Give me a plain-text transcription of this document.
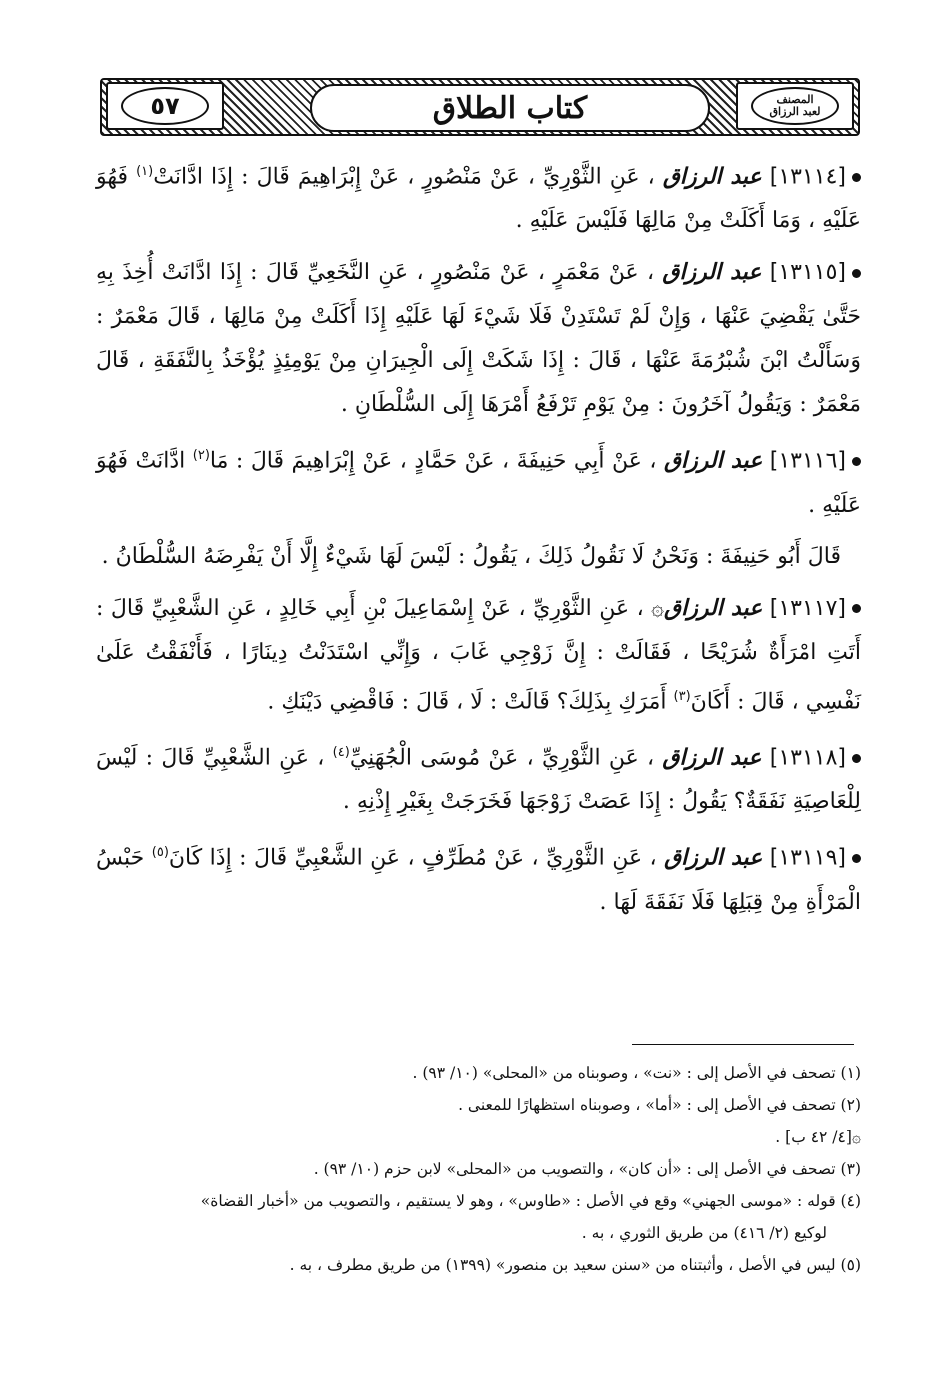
المصنف
لعبد الرزاق
كتاب الطلاق
٥٧

[١٣١١٤] عبد الرزاق ، عَنِ الثَّوْرِيِّ ، عَنْ مَنْصُورٍ ، عَنْ إِبْرَاهِيمَ قَالَ : إِذَا ادَّانَتْ$^{(١)}$ فَهُوَ عَلَيْهِ ، وَمَا أَكَلَتْ مِنْ مَالِهَا فَلَيْسَ عَلَيْهِ .

[١٣١١٥] عبد الرزاق ، عَنْ مَعْمَرٍ ، عَنْ مَنْصُورٍ ، عَنِ النَّخَعِيِّ قَالَ : إِذَا ادَّانَتْ أُخِذَ بِهِ حَتَّىٰ يَقْضِيَ عَنْهَا ، وَإِنْ لَمْ تَسْتَدِنْ فَلَا شَيْءَ لَهَا عَلَيْهِ إِذَا أَكَلَتْ مِنْ مَالِهَا ، قَالَ مَعْمَرٌ : وَسَأَلْتُ ابْنَ شُبْرُمَةَ عَنْهَا ، قَالَ : إِذَا شَكَتْ إِلَى الْجِيرَانِ مِنْ يَوْمِئِذٍ يُؤْخَذُ بِالنَّفَقَةِ ، قَالَ مَعْمَرٌ : وَيَقُولُ آخَرُونَ : مِنْ يَوْمِ تَرْفَعُ أَمْرَهَا إِلَى السُّلْطَانِ .

[١٣١١٦] عبد الرزاق ، عَنْ أَبِي حَنِيفَةَ ، عَنْ حَمَّادٍ ، عَنْ إِبْرَاهِيمَ قَالَ : مَا$^{(٢)}$ ادَّانَتْ فَهُوَ عَلَيْهِ .

قَالَ أَبُو حَنِيفَةَ : وَنَحْنُ لَا نَقُولُ ذَلِكَ ، يَقُولُ : لَيْسَ لَهَا شَيْءٌ إِلَّا أَنْ يَفْرِضَهُ السُّلْطَانُ .

[١٣١١٧] عبد الرزاق۞ ، عَنِ الثَّوْرِيِّ ، عَنْ إِسْمَاعِيلَ بْنِ أَبِي خَالِدٍ ، عَنِ الشَّعْبِيِّ قَالَ : أَتَتِ امْرَأَةٌ شُرَيْحًا ، فَقَالَتْ : إِنَّ زَوْجِي غَابَ ، وَإِنِّي اسْتَدَنْتُ دِينَارًا ، فَأَنْفَقْتُ عَلَىٰ نَفْسِي ، قَالَ : أَكَانَ$^{(٣)}$ أَمَرَكِ بِذَلِكَ؟ قَالَتْ : لَا ، قَالَ : فَاقْضِي دَيْنَكِ .

[١٣١١٨] عبد الرزاق ، عَنِ الثَّوْرِيِّ ، عَنْ مُوسَى الْجُهَنِيِّ$^{(٤)}$ ، عَنِ الشَّعْبِيِّ قَالَ : لَيْسَ لِلْعَاصِيَةِ نَفَقَةٌ؟ يَقُولُ : إِذَا عَصَتْ زَوْجَهَا فَخَرَجَتْ بِغَيْرِ إِذْنِهِ .

[١٣١١٩] عبد الرزاق ، عَنِ الثَّوْرِيِّ ، عَنْ مُطَرِّفٍ ، عَنِ الشَّعْبِيِّ قَالَ : إِذَا كَانَ$^{(٥)}$ حَبْسُ الْمَرْأَةِ مِنْ قِبَلِهَا فَلَا نَفَقَةَ لَهَا .

(١) تصحف في الأصل إلى : «نت» ، وصوبناه من «المحلى» (١٠/ ٩٣) .

(٢) تصحف في الأصل إلى : «أما» ، وصوبناه استظهارًا للمعنى .

۞[٤/ ٤٢ ب] .

(٣) تصحف في الأصل إلى : «أن كان» ، والتصويب من «المحلى» لابن حزم (١٠/ ٩٣) .

(٤) قوله : «موسى الجهني» وقع في الأصل : «طاوس» ، وهو لا يستقيم ، والتصويب من «أخبار القضاة»

لوكيع (٢/ ٤١٦) من طريق الثوري ، به .

(٥) ليس في الأصل ، وأثبتناه من «سنن سعيد بن منصور» (١٣٩٩) من طريق مطرف ، به .
